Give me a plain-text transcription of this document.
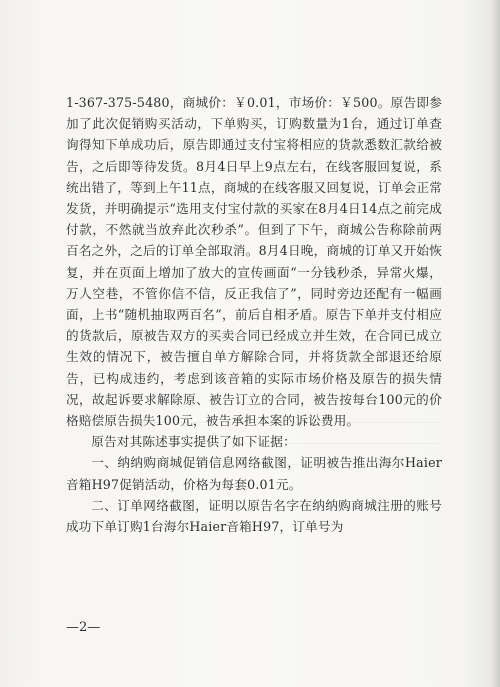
1-367-375-5480，商城价：￥0.01，市场价：￥500。原告即参加了此次促销购买活动，下单购买，订购数量为1台，通过订单查询得知下单成功后，原告即通过支付宝将相应的货款悉数汇款给被告，之后即等待发货。8月4日早上9点左右，在线客服回复说，系统出错了，等到上午11点，商城的在线客服又回复说，订单会正常发货，并明确提示“选用支付宝付款的买家在8月4日14点之前完成付款，不然就当放弃此次秒杀”。但到了下午，商城公告称除前两百名之外，之后的订单全部取消。8月4日晚，商城的订单又开始恢复，并在页面上增加了放大的宣传画面“一分钱秒杀，异常火爆，万人空巷，不管你信不信，反正我信了”，同时旁边还配有一幅画面，上书“随机抽取两百名”，前后自相矛盾。原告下单并支付相应的货款后，原被告双方的买卖合同已经成立并生效，在合同已成立生效的情况下，被告擅自单方解除合同，并将货款全部退还给原告，已构成违约，考虑到该音箱的实际市场价格及原告的损失情况，故起诉要求解除原、被告订立的合同，被告按每台100元的价格赔偿原告损失100元，被告承担本案的诉讼费用。

原告对其陈述事实提供了如下证据：

一、纳纳购商城促销信息网络截图，证明被告推出海尔Haier音箱H97促销活动，价格为每套0.01元。

二、订单网络截图，证明以原告名字在纳纳购商城注册的账号成功下单订购1台海尔Haier音箱H97，订单号为

—2—
